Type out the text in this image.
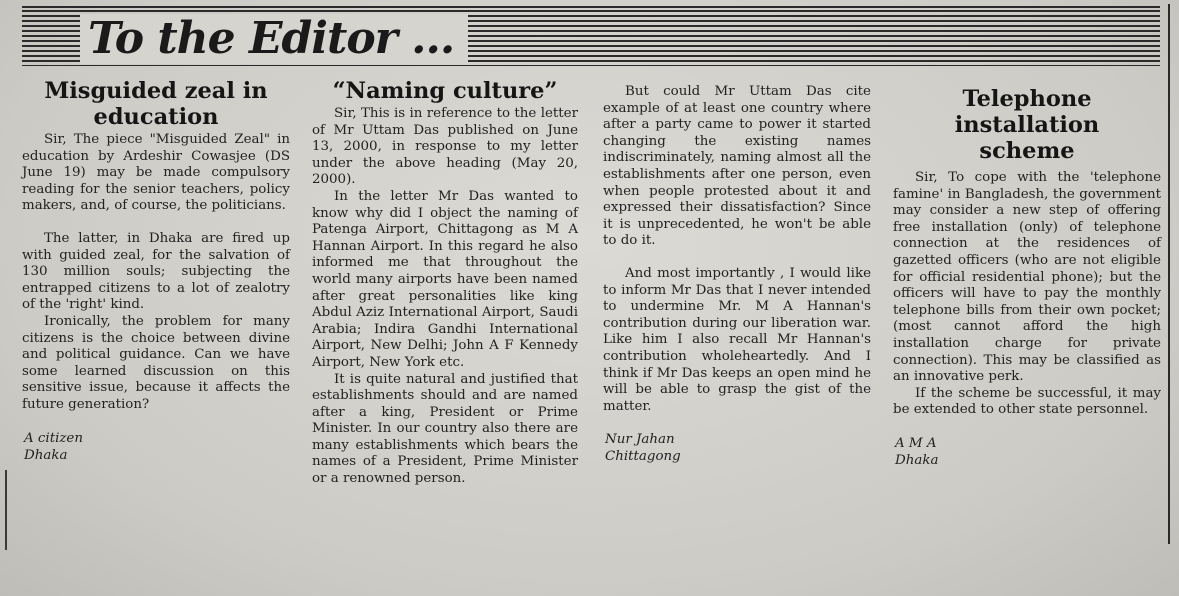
To the Editor ...
Misguided zeal in education

Sir, The piece "Misguided Zeal" in education by Ardeshir Cowasjee (DS June 19) may be made compulsory reading for the senior teachers, policy makers, and, of course, the politicians.

The latter, in Dhaka are fired up with guided zeal, for the salvation of 130 million souls; subjecting the entrapped citizens to a lot of zealotry of the 'right' kind.

Ironically, the problem for many citizens is the choice between divine and political guidance. Can we have some learned discussion on this sensitive issue, because it affects the future generation?

A citizen
Dhaka
“Naming culture”

Sir, This is in reference to the letter of Mr Uttam Das published on June 13, 2000, in response to my letter under the above heading (May 20, 2000).

In the letter Mr Das wanted to know why did I object the naming of Patenga Airport, Chittagong as M A Hannan Airport. In this regard he also informed me that throughout the world many airports have been named after great personalities like king Abdul Aziz International Airport, Saudi Arabia; Indira Gandhi International Airport, New Delhi; John A F Kennedy Airport, New York etc.

It is quite natural and justified that establishments should and are named after a king, President or Prime Minister. In our country also there are many establishments which bears the names of a President, Prime Minister or a renowned person.

But could Mr Uttam Das cite example of at least one country where after a party came to power it started changing the existing names indiscriminately, naming almost all the establishments after one person, even when people protested about it and expressed their dissatisfaction? Since it is unprecedented, he won't be able to do it.

And most importantly , I would like to inform Mr Das that I never intended to undermine Mr. M A Hannan's contribution during our liberation war. Like him I also recall Mr Hannan's contribution wholeheartedly. And I think if Mr Das keeps an open mind he will be able to grasp the gist of the matter.

Nur Jahan
Chittagong
Telephone installation scheme

Sir, To cope with the 'telephone famine' in Bangladesh, the government may consider a new step of offering free installation (only) of telephone connection at the residences of gazetted officers (who are not eligible for official residential phone); but the officers will have to pay the monthly telephone bills from their own pocket; (most cannot afford the high installation charge for private connection). This may be classified as an innovative perk.

If the scheme be successful, it may be extended to other state personnel.

A M A
Dhaka
